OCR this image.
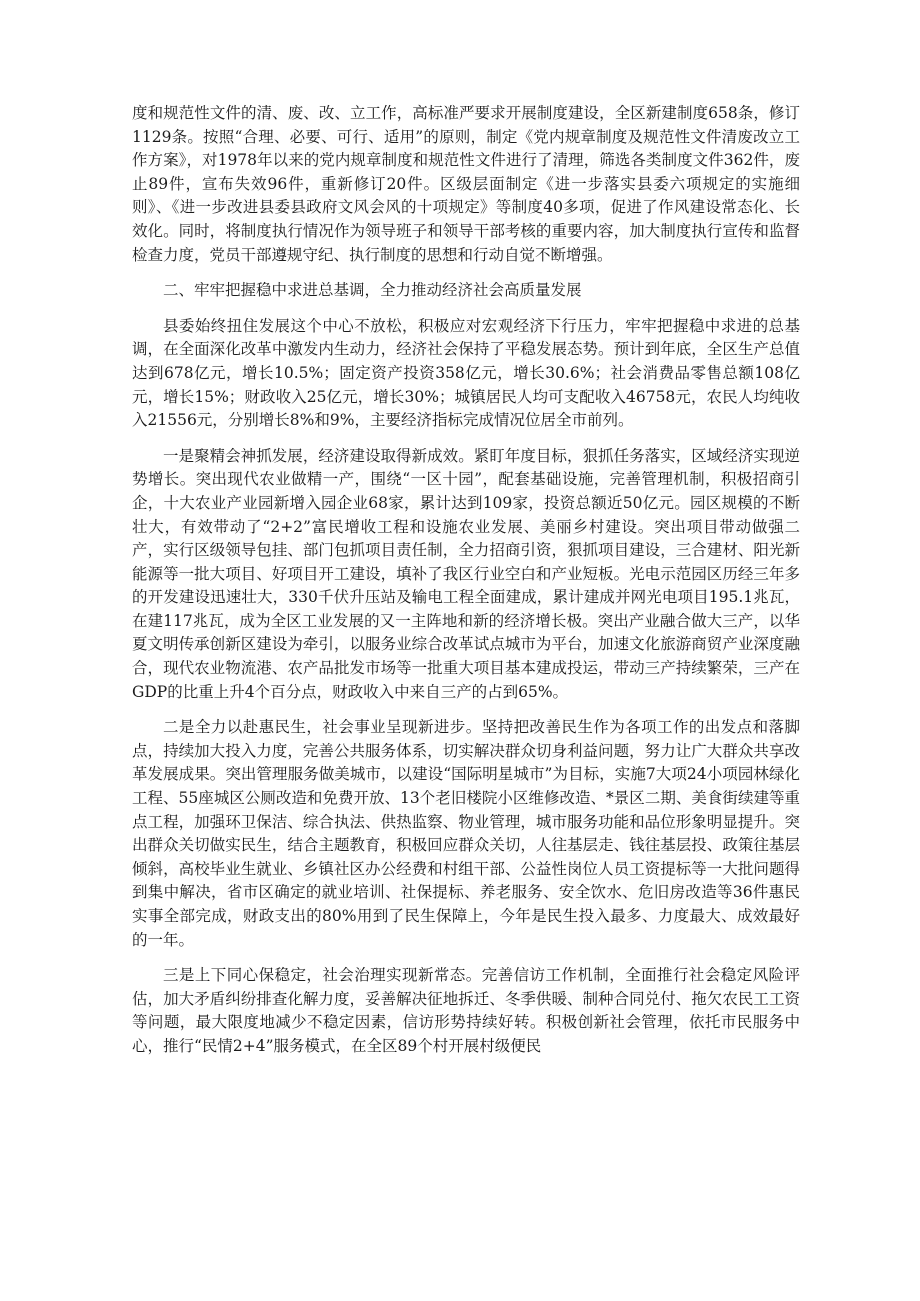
度和规范性文件的清、废、改、立工作，高标准严要求开展制度建设，全区新建制度658条，修订1129条。按照“合理、必要、可行、适用”的原则，制定《党内规章制度及规范性文件清废改立工作方案》，对1978年以来的党内规章制度和规范性文件进行了清理，筛选各类制度文件362件，废止89件，宣布失效96件，重新修订20件。区级层面制定《进一步落实县委六项规定的实施细则》、《进一步改进县委县政府文风会风的十项规定》等制度40多项，促进了作风建设常态化、长效化。同时，将制度执行情况作为领导班子和领导干部考核的重要内容，加大制度执行宣传和监督检查力度，党员干部遵规守纪、执行制度的思想和行动自觉不断增强。

二、牢牢把握稳中求进总基调，全力推动经济社会高质量发展

县委始终扭住发展这个中心不放松，积极应对宏观经济下行压力，牢牢把握稳中求进的总基调，在全面深化改革中激发内生动力，经济社会保持了平稳发展态势。预计到年底，全区生产总值达到678亿元，增长10.5%；固定资产投资358亿元，增长30.6%；社会消费品零售总额108亿元，增长15%；财政收入25亿元，增长30%；城镇居民人均可支配收入46758元，农民人均纯收入21556元，分别增长8%和9%，主要经济指标完成情况位居全市前列。

一是聚精会神抓发展，经济建设取得新成效。紧盯年度目标，狠抓任务落实，区域经济实现逆势增长。突出现代农业做精一产，围绕“一区十园”，配套基础设施，完善管理机制，积极招商引企，十大农业产业园新增入园企业68家，累计达到109家，投资总额近50亿元。园区规模的不断壮大，有效带动了“2+2”富民增收工程和设施农业发展、美丽乡村建设。突出项目带动做强二产，实行区级领导包挂、部门包抓项目责任制，全力招商引资，狠抓项目建设，三合建材、阳光新能源等一批大项目、好项目开工建设，填补了我区行业空白和产业短板。光电示范园区历经三年多的开发建设迅速壮大，330千伏升压站及输电工程全面建成，累计建成并网光电项目195.1兆瓦，在建117兆瓦，成为全区工业发展的又一主阵地和新的经济增长极。突出产业融合做大三产，以华夏文明传承创新区建设为牵引，以服务业综合改革试点城市为平台，加速文化旅游商贸产业深度融合，现代农业物流港、农产品批发市场等一批重大项目基本建成投运，带动三产持续繁荣，三产在GDP的比重上升4个百分点，财政收入中来自三产的占到65%。

二是全力以赴惠民生，社会事业呈现新进步。坚持把改善民生作为各项工作的出发点和落脚点，持续加大投入力度，完善公共服务体系，切实解决群众切身利益问题，努力让广大群众共享改革发展成果。突出管理服务做美城市，以建设“国际明星城市”为目标，实施7大项24小项园林绿化工程、55座城区公厕改造和免费开放、13个老旧楼院小区维修改造、*景区二期、美食街续建等重点工程，加强环卫保洁、综合执法、供热监察、物业管理，城市服务功能和品位形象明显提升。突出群众关切做实民生，结合主题教育，积极回应群众关切，人往基层走、钱往基层投、政策往基层倾斜，高校毕业生就业、乡镇社区办公经费和村组干部、公益性岗位人员工资提标等一大批问题得到集中解决，省市区确定的就业培训、社保提标、养老服务、安全饮水、危旧房改造等36件惠民实事全部完成，财政支出的80%用到了民生保障上，今年是民生投入最多、力度最大、成效最好的一年。

三是上下同心保稳定，社会治理实现新常态。完善信访工作机制，全面推行社会稳定风险评估，加大矛盾纠纷排查化解力度，妥善解决征地拆迁、冬季供暖、制种合同兑付、拖欠农民工工资等问题，最大限度地减少不稳定因素，信访形势持续好转。积极创新社会管理，依托市民服务中心，推行“民情2+4”服务模式，在全区89个村开展村级便民
